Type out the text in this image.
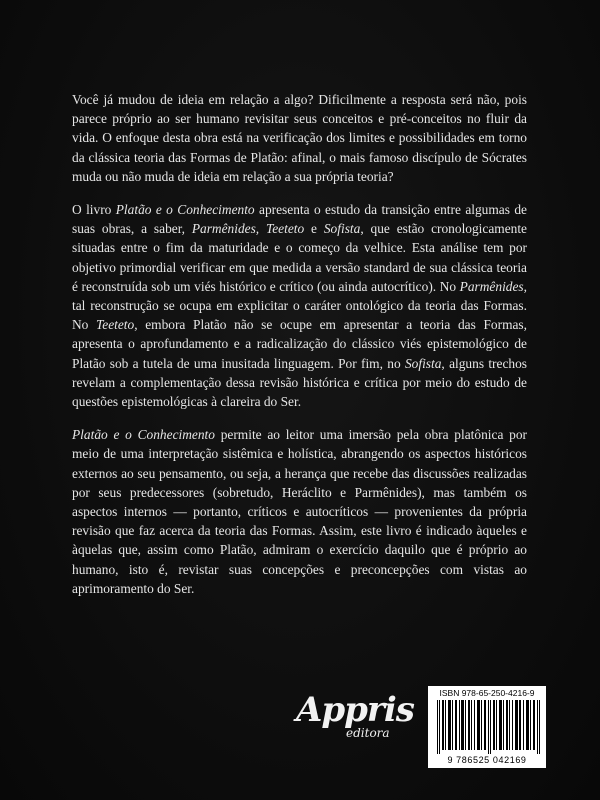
Você já mudou de ideia em relação a algo? Dificilmente a resposta será não, pois parece próprio ao ser humano revisitar seus conceitos e pré-conceitos no fluir da vida. O enfoque desta obra está na verificação dos limites e possibilidades em torno da clássica teoria das Formas de Platão: afinal, o mais famoso discípulo de Sócrates muda ou não muda de ideia em relação a sua própria teoria?

O livro Platão e o Conhecimento apresenta o estudo da transição entre algumas de suas obras, a saber, Parmênides, Teeteto e Sofista, que estão cronologicamente situadas entre o fim da maturidade e o começo da velhice. Esta análise tem por objetivo primordial verificar em que medida a versão standard de sua clássica teoria é reconstruída sob um viés histórico e crítico (ou ainda autocrítico). No Parmênides, tal reconstrução se ocupa em explicitar o caráter ontológico da teoria das Formas. No Teeteto, embora Platão não se ocupe em apresentar a teoria das Formas, apresenta o aprofundamento e a radicalização do clássico viés epistemológico de Platão sob a tutela de uma inusitada linguagem. Por fim, no Sofista, alguns trechos revelam a complementação dessa revisão histórica e crítica por meio do estudo de questões epistemológicas à clareira do Ser.

Platão e o Conhecimento permite ao leitor uma imersão pela obra platônica por meio de uma interpretação sistêmica e holística, abrangendo os aspectos históricos externos ao seu pensamento, ou seja, a herança que recebe das discussões realizadas por seus predecessores (sobretudo, Heráclito e Parmênides), mas também os aspectos internos — portanto, críticos e autocríticos — provenientes da própria revisão que faz acerca da teoria das Formas. Assim, este livro é indicado àqueles e àquelas que, assim como Platão, admiram o exercício daquilo que é próprio ao humano, isto é, revistar suas concepções e preconcepções com vistas ao aprimoramento do Ser.

Appris
editora
ISBN 978-65-250-4216-9
9 786525 042169
